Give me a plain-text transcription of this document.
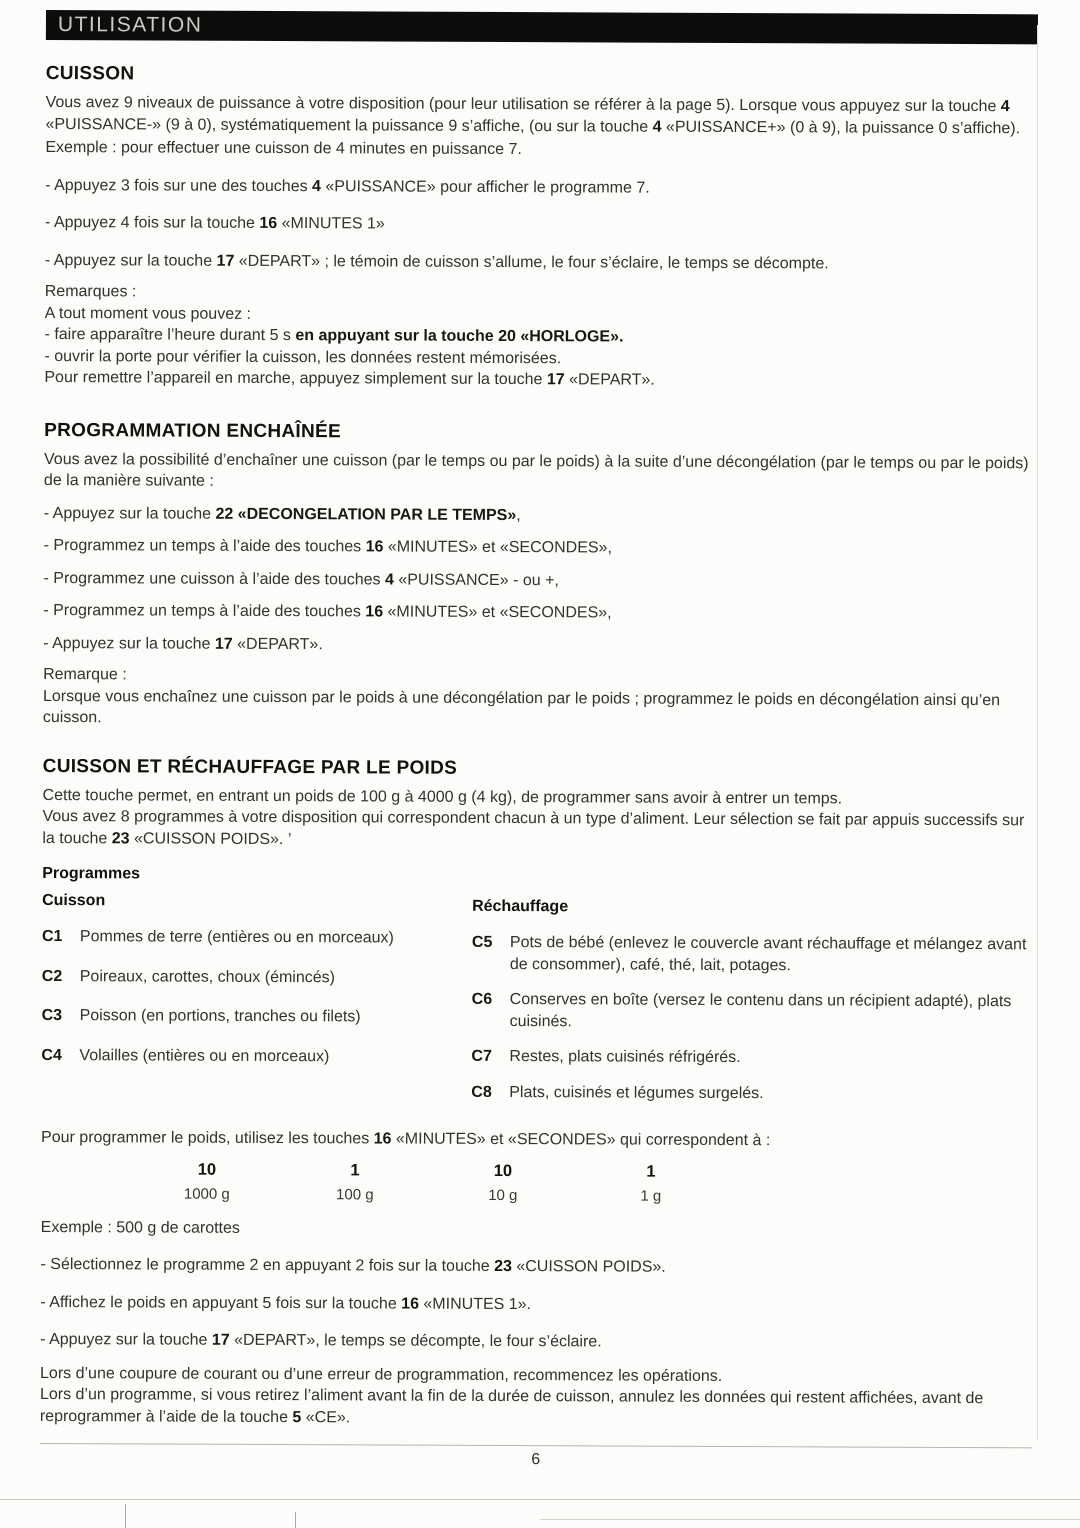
UTILISATION
CUISSON

Vous avez 9 niveaux de puissance à votre disposition (pour leur utilisation se référer à la page 5). Lorsque vous appuyez sur la touche 4 «PUISSANCE-» (9 à 0), systématiquement la puissance 9 s’affiche, (ou sur la touche 4 «PUISSANCE+» (0 à 9), la puissance 0 s’affiche).

Exemple : pour effectuer une cuisson de 4 minutes en puissance 7.

- Appuyez 3 fois sur une des touches 4 «PUISSANCE» pour afficher le programme 7.

- Appuyez 4 fois sur la touche 16 «MINUTES 1»

- Appuyez sur la touche 17 «DEPART» ; le témoin de cuisson s’allume, le four s’éclaire, le temps se décompte.

Remarques :

A tout moment vous pouvez :

- faire apparaître l’heure durant 5 s en appuyant sur la touche 20 «HORLOGE».

- ouvrir la porte pour vérifier la cuisson, les données restent mémorisées.

Pour remettre l’appareil en marche, appuyez simplement sur la touche 17 «DEPART».

PROGRAMMATION ENCHAÎNÉE

Vous avez la possibilité d’enchaîner une cuisson (par le temps ou par le poids) à la suite d’une décongélation (par le temps ou par le poids) de la manière suivante :

- Appuyez sur la touche 22 «DECONGELATION PAR LE TEMPS»,

- Programmez un temps à l’aide des touches 16 «MINUTES» et «SECONDES»,

- Programmez une cuisson à l’aide des touches 4 «PUISSANCE» - ou +,

- Programmez un temps à l’aide des touches 16 «MINUTES» et «SECONDES»,

- Appuyez sur la touche 17 «DEPART».

Remarque :

Lorsque vous enchaînez une cuisson par le poids à une décongélation par le poids ; programmez le poids en décongélation ainsi qu’en cuisson.

CUISSON ET RÉCHAUFFAGE PAR LE POIDS

Cette touche permet, en entrant un poids de 100 g à 4000 g (4 kg), de programmer sans avoir à entrer un temps.

Vous avez 8 programmes à votre disposition qui correspondent chacun à un type d’aliment. Leur sélection se fait par appuis successifs sur la touche 23 «CUISSON POIDS». ’

Programmes

Cuisson

C1 Pommes de terre (entières ou en morceaux)
C2 Poireaux, carottes, choux (émincés)
C3 Poisson (en portions, tranches ou filets)
C4 Volailles (entières ou en morceaux)

Réchauffage

C5 Pots de bébé (enlevez le couvercle avant réchauffage et mélangez avant de consommer), café, thé, lait, potages.
C6 Conserves en boîte (versez le contenu dans un récipient adapté), plats cuisinés.
C7 Restes, plats cuisinés réfrigérés.
C8 Plats, cuisinés et légumes surgelés.

Pour programmer le poids, utilisez les touches 16 «MINUTES» et «SECONDES» qui correspondent à :

10
1000 g
1
100 g
10
10 g
1
1 g

Exemple : 500 g de carottes

- Sélectionnez le programme 2 en appuyant 2 fois sur la touche 23 «CUISSON POIDS».

- Affichez le poids en appuyant 5 fois sur la touche 16 «MINUTES 1».

- Appuyez sur la touche 17 «DEPART», le temps se décompte, le four s’éclaire.

Lors d’une coupure de courant ou d’une erreur de programmation, recommencez les opérations.

Lors d’un programme, si vous retirez l’aliment avant la fin de la durée de cuisson, annulez les données qui restent affichées, avant de reprogrammer à l’aide de la touche 5 «CE».

6
